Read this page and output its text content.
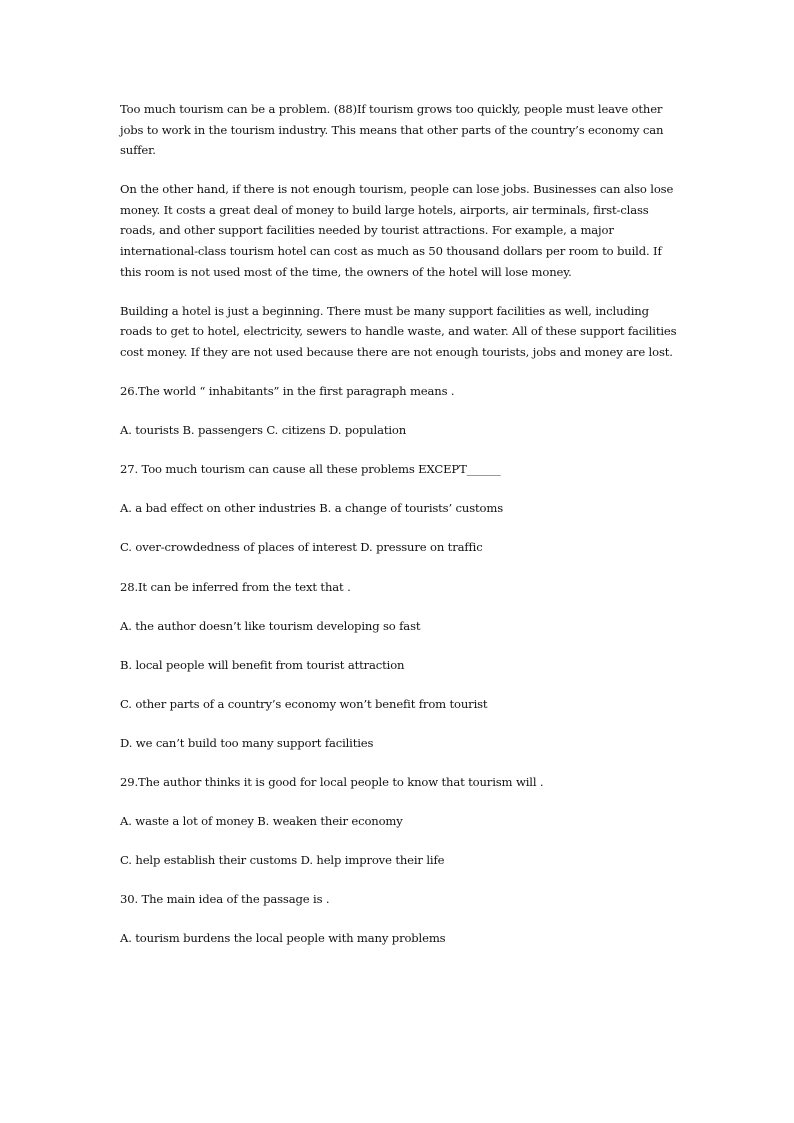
Too much tourism can be a problem. (88)If tourism grows too quickly, people must leave other jobs to work in the tourism industry. This means that other parts of the country’s economy can suffer.

On the other hand, if there is not enough tourism, people can lose jobs. Businesses can also lose money. It costs a great deal of money to build large hotels, airports, air terminals, first-class roads, and other support facilities needed by tourist attractions. For example, a major international-class tourism hotel can cost as much as 50 thousand dollars per room to build. If this room is not used most of the time, the owners of the hotel will lose money.

Building a hotel is just a beginning. There must be many support facilities as well, including roads to get to hotel, electricity, sewers to handle waste, and water. All of these support facilities cost money. If they are not used because there are not enough tourists, jobs and money are lost.

26.The world “ inhabitants” in the first paragraph means .

A. tourists B. passengers C. citizens D. population

27. Too much tourism can cause all these problems EXCEPT______

A. a bad effect on other industries B. a change of tourists’ customs

C. over-crowdedness of places of interest D. pressure on traffic

28.It can be inferred from the text that .

A. the author doesn’t like tourism developing so fast

B. local people will benefit from tourist attraction

C. other parts of a country’s economy won’t benefit from tourist

D. we can’t build too many support facilities

29.The author thinks it is good for local people to know that tourism will .

A. waste a lot of money B. weaken their economy

C. help establish their customs D. help improve their life

30. The main idea of the passage is .

A. tourism burdens the local people with many problems
